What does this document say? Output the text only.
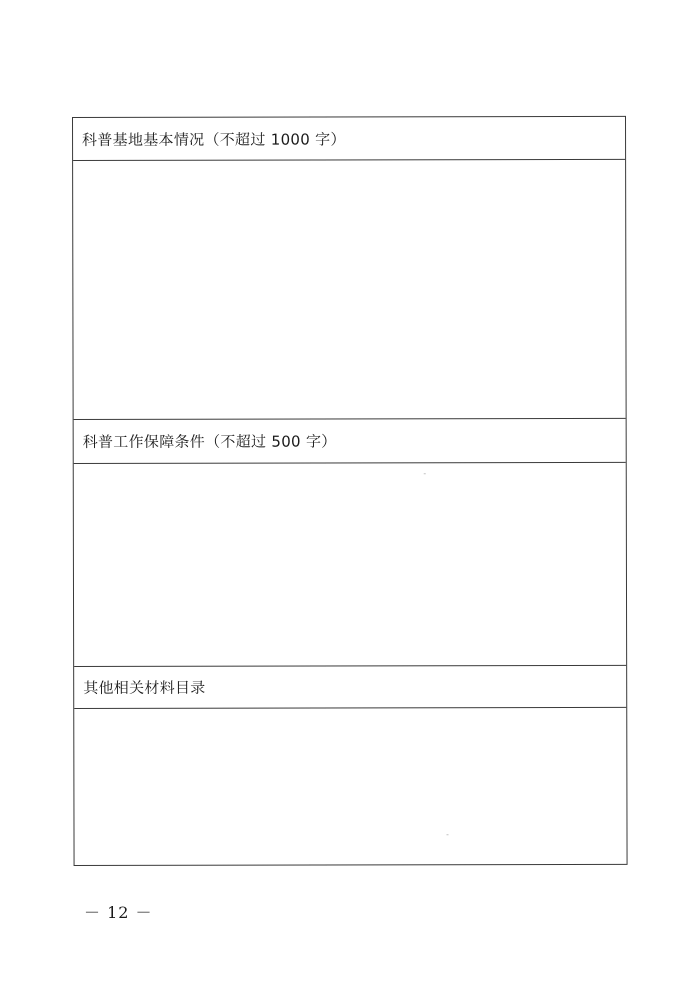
科普基地基本情况（不超过 1000 字）
科普工作保障条件（不超过 500 字）
其他相关材料目录
－ 12 －
